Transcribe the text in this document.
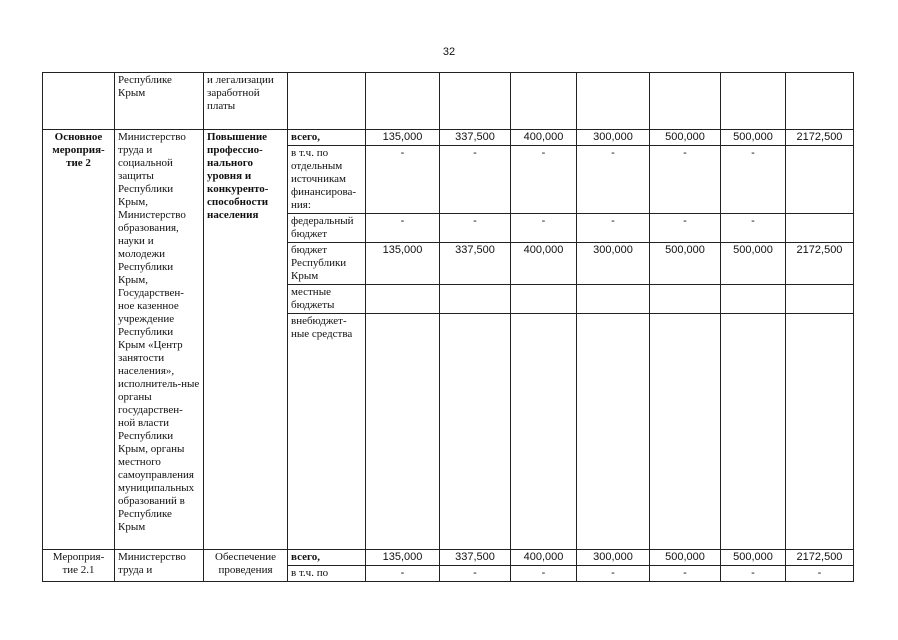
32
	Республике Крым	и легализации заработной платы								
Основное мероприя-тие 2	Министерство труда и социальной защиты Республики Крым, Министерство образования, науки и молодежи Республики Крым, Государствен-ное казенное учреждение Республики Крым «Центр занятости населения», исполнитель-ные органы государствен-ной власти Республики Крым, органы местного самоуправления муниципальных образований в Республике Крым	Повышение профессио-нального уровня и конкуренто-способности населения	всего,	135,000	337,500	400,000	300,000	500,000	500,000	2172,500
			в т.ч. по отдельным источникам финансирова-ния:	-	-	-	-	-	-	
			федеральный бюджет	-	-	-	-	-	-	
			бюджет Республики Крым	135,000	337,500	400,000	300,000	500,000	500,000	2172,500
			местные бюджеты							
			внебюджет-ные средства							
Мероприя-тие 2.1	Министерство труда и	Обеспечение проведения	всего,	135,000	337,500	400,000	300,000	500,000	500,000	2172,500
			в т.ч. по	-	-	-	-	-	-	-
